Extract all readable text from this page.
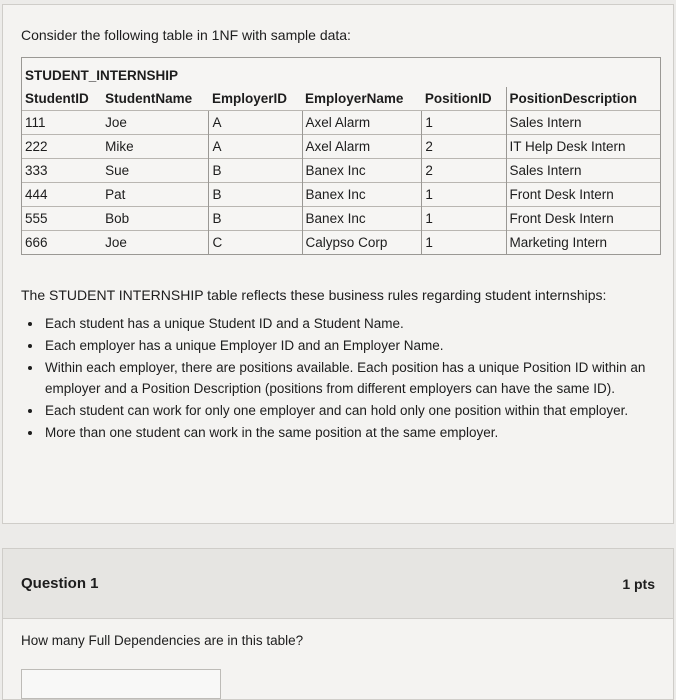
Consider the following table in 1NF with sample data:
STUDENT_INTERNSHIP
StudentID	StudentName	EmployerID	EmployerName	PositionID	PositionDescription
111	Joe	A	Axel Alarm	1	Sales Intern
222	Mike	A	Axel Alarm	2	IT Help Desk Intern
333	Sue	B	Banex Inc	2	Sales Intern
444	Pat	B	Banex Inc	1	Front Desk Intern
555	Bob	B	Banex Inc	1	Front Desk Intern
666	Joe	C	Calypso Corp	1	Marketing Intern
The STUDENT INTERNSHIP table reflects these business rules regarding student internships:
• Each student has a unique Student ID and a Student Name.
• Each employer has a unique Employer ID and an Employer Name.
• Within each employer, there are positions available. Each position has a unique Position ID within an employer and a Position Description (positions from different employers can have the same ID).
• Each student can work for only one employer and can hold only one position within that employer.
• More than one student can work in the same position at the same employer.
Question 1	1 pts
How many Full Dependencies are in this table?
